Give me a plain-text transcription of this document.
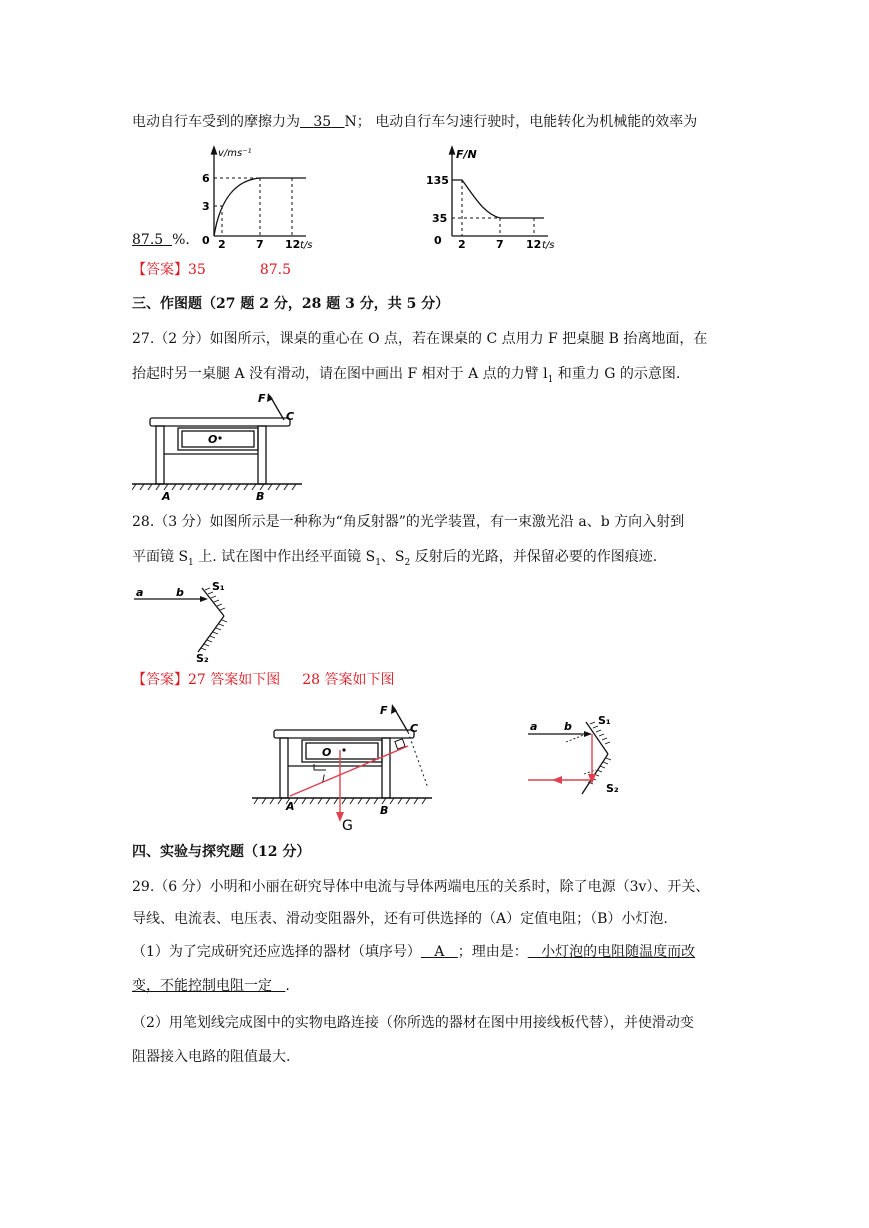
电动自行车受到的摩擦力为 35 N； 电动自行车匀速行驶时，电能转化为机械能的效率为
v/ms⁻¹
6
3
0 2	7 12 t/s
F/N
135
35
0 2	7 12 t/s
87.5 %.
【答案】35	87.5
三、作图题（27 题 2 分，28 题 3 分，共 5 分）
27.（2 分）如图所示，课桌的重心在 O 点，若在课桌的 C 点用力 F 把桌腿 B 抬离地面，在
抬起时另一桌腿 A 没有滑动，请在图中画出 F 相对于 A 点的力臂 $l_1$ 和重力 G 的示意图.
F
C
O
A	B
28.（3 分）如图所示是一种称为“角反射器”的光学装置，有一束激光沿 a、b 方向入射到
平面镜 $S_1$ 上. 试在图中作出经平面镜 $S_1$、$S_2$ 反射后的光路，并保留必要的作图痕迹.
a	b	S₁
S₂
【答案】27 答案如下图 28 答案如下图
F
C
O
A	B
G
l
a b S₁
S₂
四、实验与探究题（12 分）
29.（6 分）小明和小丽在研究导体中电流与导体两端电压的关系时，除了电源（3v）、开关、
导线、电流表、电压表、滑动变阻器外，还有可供选择的（A）定值电阻；（B）小灯泡.
（1）为了完成研究还应选择的器材（填序号） A ；理由是： 小灯泡的电阻随温度而改
变，不能控制电阻一定 .
（2）用笔划线完成图中的实物电路连接（你所选的器材在图中用接线板代替），并使滑动变
阻器接入电路的阻值最大.
